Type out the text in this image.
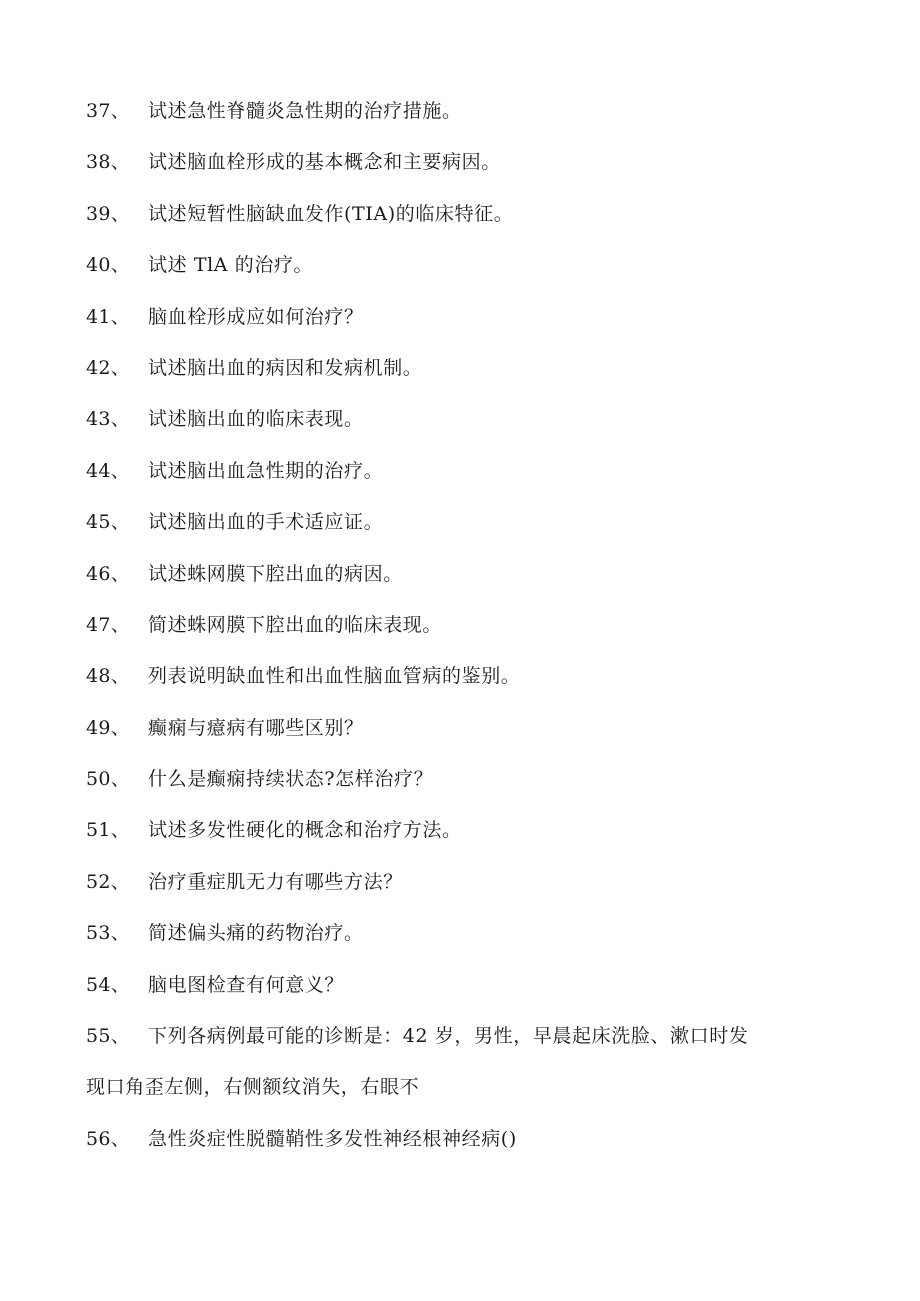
37、 试述急性脊髓炎急性期的治疗措施。
38、 试述脑血栓形成的基本概念和主要病因。
39、 试述短暂性脑缺血发作(TIA)的临床特征。
40、 试述 TlA 的治疗。
41、 脑血栓形成应如何治疗？
42、 试述脑出血的病因和发病机制。
43、 试述脑出血的临床表现。
44、 试述脑出血急性期的治疗。
45、 试述脑出血的手术适应证。
46、 试述蛛网膜下腔出血的病因。
47、 简述蛛网膜下腔出血的临床表现。
48、 列表说明缺血性和出血性脑血管病的鉴别。
49、 癫痫与癔病有哪些区别？
50、 什么是癫痫持续状态?怎样治疗？
51、 试述多发性硬化的概念和治疗方法。
52、 治疗重症肌无力有哪些方法？
53、 简述偏头痛的药物治疗。
54、 脑电图检查有何意义？
55、 下列各病例最可能的诊断是：42 岁，男性，早晨起床洗脸、漱口时发
现口角歪左侧，右侧额纹消失，右眼不
56、 急性炎症性脱髓鞘性多发性神经根神经病()
